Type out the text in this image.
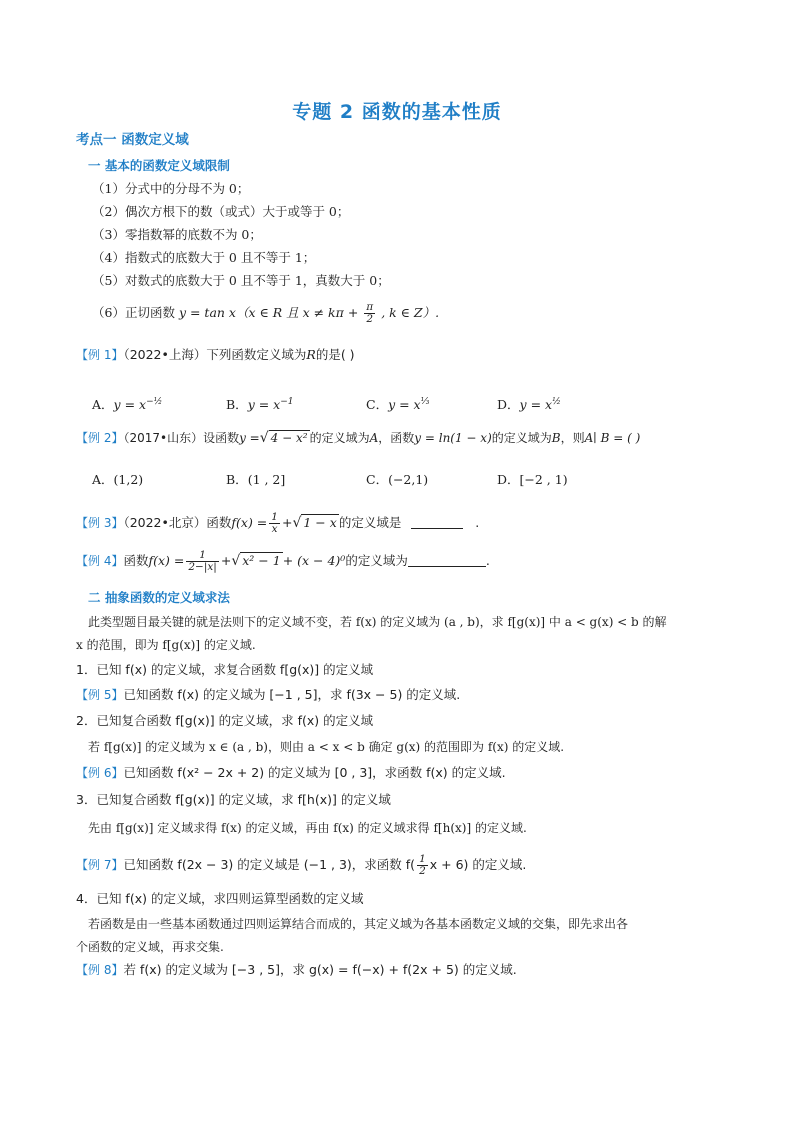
专题 2 函数的基本性质
考点一 函数定义域
一 基本的函数定义域限制
（1）分式中的分母不为 0；
（2）偶次方根下的数（或式）大于或等于 0；
（3）零指数幂的底数不为 0；
（4）指数式的底数大于 0 且不等于 1；
（5）对数式的底数大于 0 且不等于 1，真数大于 0；
（6）正切函数 y = tan x（x ∈ R 且 $x \ne k\pi + \frac{\pi}{2}$ , k ∈ Z）.
【例 1】（2022•上海）下列函数定义域为R的是( )
A．$y = x^{-\frac{1}{2}}$	B．$y = x^{-1}$	C．$y = x^{\frac{1}{3}}$	D．$y = x^{\frac{1}{2}}$
【例 2】（2017•山东）设函数y =√ 4 − x² 的定义域为A，函数y = ln(1 − x)的定义域为B，则A∣ B = ( )
A．(1,2)	B．(1 , 2]	C．(−2,1)	D．[−2 , 1)
【例 3】（2022•北京）函数$f(x) = \frac{1}{x}$ +√ 1 − x 的定义域是	.
【例 4】函数$f(x) = \frac{1}{2-|x|}$ +√ x² − 1 + (x − 4)⁰的定义域为	.
二 抽象函数的定义域求法
此类型题目最关键的就是法则下的定义域不变，若 f(x) 的定义域为 (a , b)，求 f[g(x)] 中 a < g(x) < b 的解
x 的范围，即为 f[g(x)] 的定义域.
1．已知 f(x) 的定义域，求复合函数 f[g(x)] 的定义域
【例 5】已知函数 f(x) 的定义域为 [−1 , 5]，求 f(3x − 5) 的定义域.
2．已知复合函数 f[g(x)] 的定义域，求 f(x) 的定义域
若 f[g(x)] 的定义域为 x ∈ (a , b)，则由 a < x < b 确定 g(x) 的范围即为 f(x) 的定义域.
【例 6】已知函数 f(x² − 2x + 2) 的定义域为 [0 , 3]，求函数 f(x) 的定义域.
3．已知复合函数 f[g(x)] 的定义域，求 f[h(x)] 的定义域
先由 f[g(x)] 定义域求得 f(x) 的定义域，再由 f(x) 的定义域求得 f[h(x)] 的定义域.
【例 7】已知函数 f(2x − 3) 的定义域是 (−1 , 3)，求函数 $f( \frac{1}{2}$ x + 6) 的定义域.
4．已知 f(x) 的定义域，求四则运算型函数的定义域
若函数是由一些基本函数通过四则运算结合而成的，其定义域为各基本函数定义域的交集，即先求出各
个函数的定义域，再求交集.
【例 8】若 f(x) 的定义域为 [−3 , 5]，求 g(x) = f(−x) + f(2x + 5) 的定义域.
